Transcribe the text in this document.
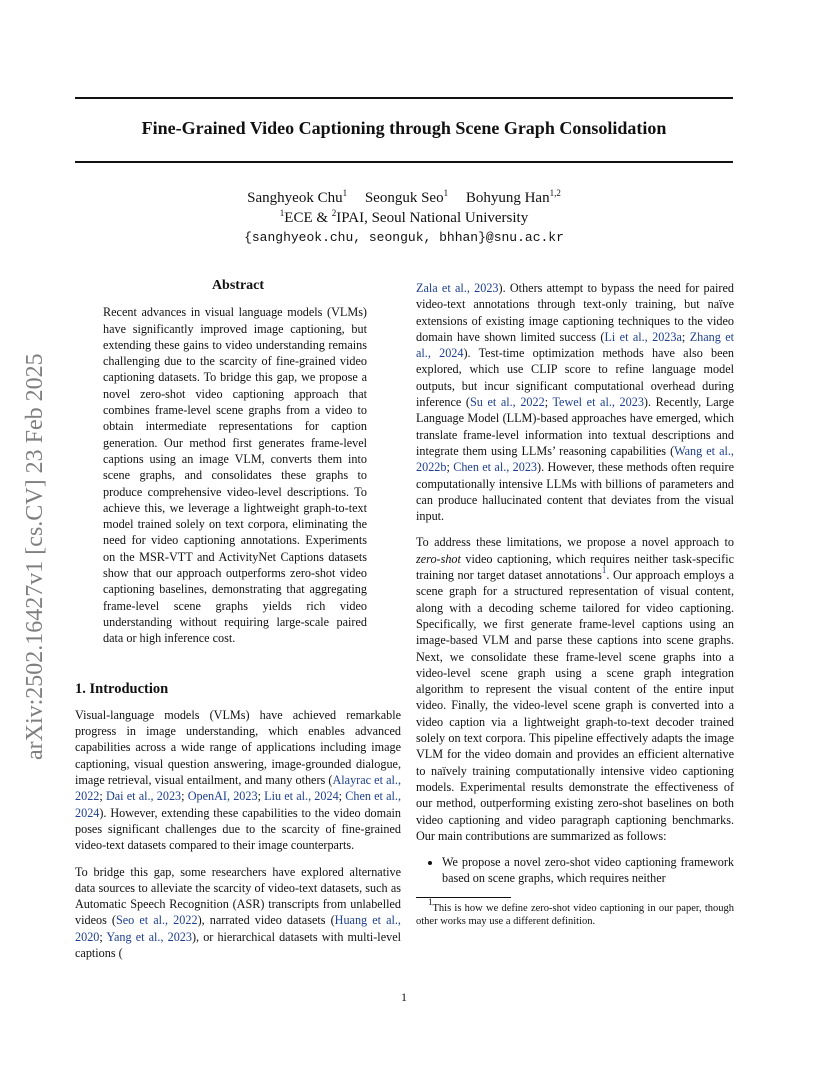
Fine-Grained Video Captioning through Scene Graph Consolidation
Sanghyeok Chu$^1$ Seonguk Seo$^1$ Bohyung Han$^{1,2}$
$^1$ECE & $^2$IPAI, Seoul National University
{sanghyeok.chu, seonguk, bhhan}@snu.ac.kr
arXiv:2502.16427v1 [cs.CV] 23 Feb 2025
Abstract

Recent advances in visual language models (VLMs) have significantly improved image captioning, but extending these gains to video understanding remains challenging due to the scarcity of fine-grained video captioning datasets. To bridge this gap, we propose a novel zero-shot video captioning approach that combines frame-level scene graphs from a video to obtain intermediate representations for caption generation. Our method first generates frame-level captions using an image VLM, converts them into scene graphs, and consolidates these graphs to produce comprehensive video-level descriptions. To achieve this, we leverage a lightweight graph-to-text model trained solely on text corpora, eliminating the need for video captioning annotations. Experiments on the MSR-VTT and ActivityNet Captions datasets show that our approach outperforms zero-shot video captioning baselines, demonstrating that aggregating frame-level scene graphs yields rich video understanding without requiring large-scale paired data or high inference cost.

1. Introduction

Visual-language models (VLMs) have achieved remarkable progress in image understanding, which enables advanced capabilities across a wide range of applications including image captioning, visual question answering, image-grounded dialogue, image retrieval, visual entailment, and many others (Alayrac et al., 2022; Dai et al., 2023; OpenAI, 2023; Liu et al., 2024; Chen et al., 2024). However, extending these capabilities to the video domain poses significant challenges due to the scarcity of fine-grained video-text datasets compared to their image counterparts.

To bridge this gap, some researchers have explored alternative data sources to alleviate the scarcity of video-text datasets, such as Automatic Speech Recognition (ASR) transcripts from unlabelled videos (Seo et al., 2022), narrated video datasets (Huang et al., 2020; Yang et al., 2023), or hierarchical datasets with multi-level captions (

Zala et al., 2023). Others attempt to bypass the need for paired video-text annotations through text-only training, but naïve extensions of existing image captioning techniques to the video domain have shown limited success (Li et al., 2023a; Zhang et al., 2024). Test-time optimization methods have also been explored, which use CLIP score to refine language model outputs, but incur significant computational overhead during inference (Su et al., 2022; Tewel et al., 2023). Recently, Large Language Model (LLM)-based approaches have emerged, which translate frame-level information into textual descriptions and integrate them using LLMs’ reasoning capabilities (Wang et al., 2022b; Chen et al., 2023). However, these methods often require computationally intensive LLMs with billions of parameters and can produce hallucinated content that deviates from the visual input.

To address these limitations, we propose a novel approach to zero-shot video captioning, which requires neither task-specific training nor target dataset annotations$^1$. Our approach employs a scene graph for a structured representation of visual content, along with a decoding scheme tailored for video captioning. Specifically, we first generate frame-level captions using an image-based VLM and parse these captions into scene graphs. Next, we consolidate these frame-level scene graphs into a video-level scene graph using a scene graph integration algorithm to represent the visual content of the entire input video. Finally, the video-level scene graph is converted into a video caption via a lightweight graph-to-text decoder trained solely on text corpora. This pipeline effectively adapts the image VLM for the video domain and provides an efficient alternative to naïvely training computationally intensive video captioning models. Experimental results demonstrate the effectiveness of our method, outperforming existing zero-shot baselines on both video captioning and video paragraph captioning benchmarks. Our main contributions are summarized as follows:

• We propose a novel zero-shot video captioning framework based on scene graphs, which requires neither

$^1$This is how we define zero-shot video captioning in our paper, though other works may use a different definition.

1
